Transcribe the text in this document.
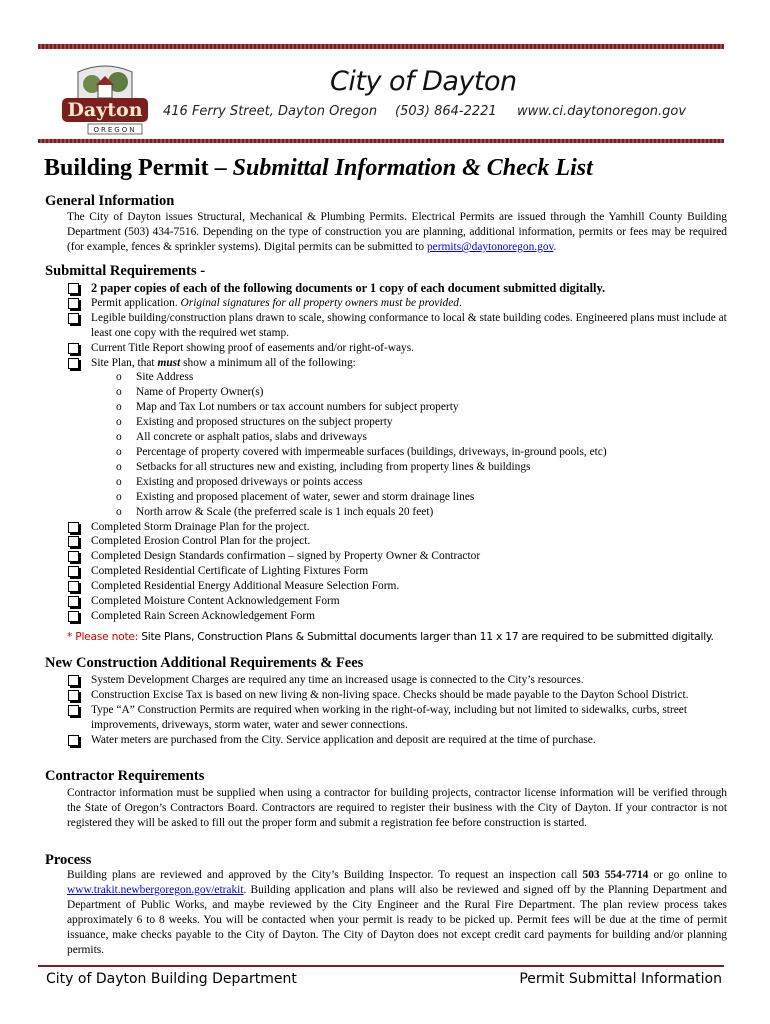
Dayton
OREGON
City of Dayton
416 Ferry Street, Dayton Oregon (503) 864-2221 www.ci.daytonoregon.gov
Building Permit – Submittal Information & Check List
General Information
The City of Dayton issues Structural, Mechanical & Plumbing Permits. Electrical Permits are issued through the Yamhill County Building Department (503) 434-7516. Depending on the type of construction you are planning, additional information, permits or fees may be required (for example, fences & sprinkler systems). Digital permits can be submitted to permits@daytonoregon.gov.
Submittal Requirements -
2 paper copies of each of the following documents or 1 copy of each document submitted digitally.
Permit application. Original signatures for all property owners must be provided.
Legible building/construction plans drawn to scale, showing conformance to local & state building codes. Engineered plans must include at least one copy with the required wet stamp.
Current Title Report showing proof of easements and/or right-of-ways.
Site Plan, that must show a minimum all of the following:
o Site Address
o Name of Property Owner(s)
o Map and Tax Lot numbers or tax account numbers for subject property
o Existing and proposed structures on the subject property
o All concrete or asphalt patios, slabs and driveways
o Percentage of property covered with impermeable surfaces (buildings, driveways, in-ground pools, etc)
o Setbacks for all structures new and existing, including from property lines & buildings
o Existing and proposed driveways or points access
o Existing and proposed placement of water, sewer and storm drainage lines
o North arrow & Scale (the preferred scale is 1 inch equals 20 feet)
Completed Storm Drainage Plan for the project.
Completed Erosion Control Plan for the project.
Completed Design Standards confirmation – signed by Property Owner & Contractor
Completed Residential Certificate of Lighting Fixtures Form
Completed Residential Energy Additional Measure Selection Form.
Completed Moisture Content Acknowledgement Form
Completed Rain Screen Acknowledgement Form
* Please note: Site Plans, Construction Plans & Submittal documents larger than 11 x 17 are required to be submitted digitally.
New Construction Additional Requirements & Fees
System Development Charges are required any time an increased usage is connected to the City’s resources.
Construction Excise Tax is based on new living & non-living space. Checks should be made payable to the Dayton School District.
Type “A” Construction Permits are required when working in the right-of-way, including but not limited to sidewalks, curbs, street improvements, driveways, storm water, water and sewer connections.
Water meters are purchased from the City. Service application and deposit are required at the time of purchase.
Contractor Requirements
Contractor information must be supplied when using a contractor for building projects, contractor license information will be verified through the State of Oregon’s Contractors Board. Contractors are required to register their business with the City of Dayton. If your contractor is not registered they will be asked to fill out the proper form and submit a registration fee before construction is started.
Process
Building plans are reviewed and approved by the City’s Building Inspector. To request an inspection call 503 554-7714 or go online to www.trakit.newbergoregon.gov/etrakit. Building application and plans will also be reviewed and signed off by the Planning Department and Department of Public Works, and maybe reviewed by the City Engineer and the Rural Fire Department. The plan review process takes approximately 6 to 8 weeks. You will be contacted when your permit is ready to be picked up. Permit fees will be due at the time of permit issuance, make checks payable to the City of Dayton. The City of Dayton does not except credit card payments for building and/or planning permits.
City of Dayton Building Department	Permit Submittal Information
